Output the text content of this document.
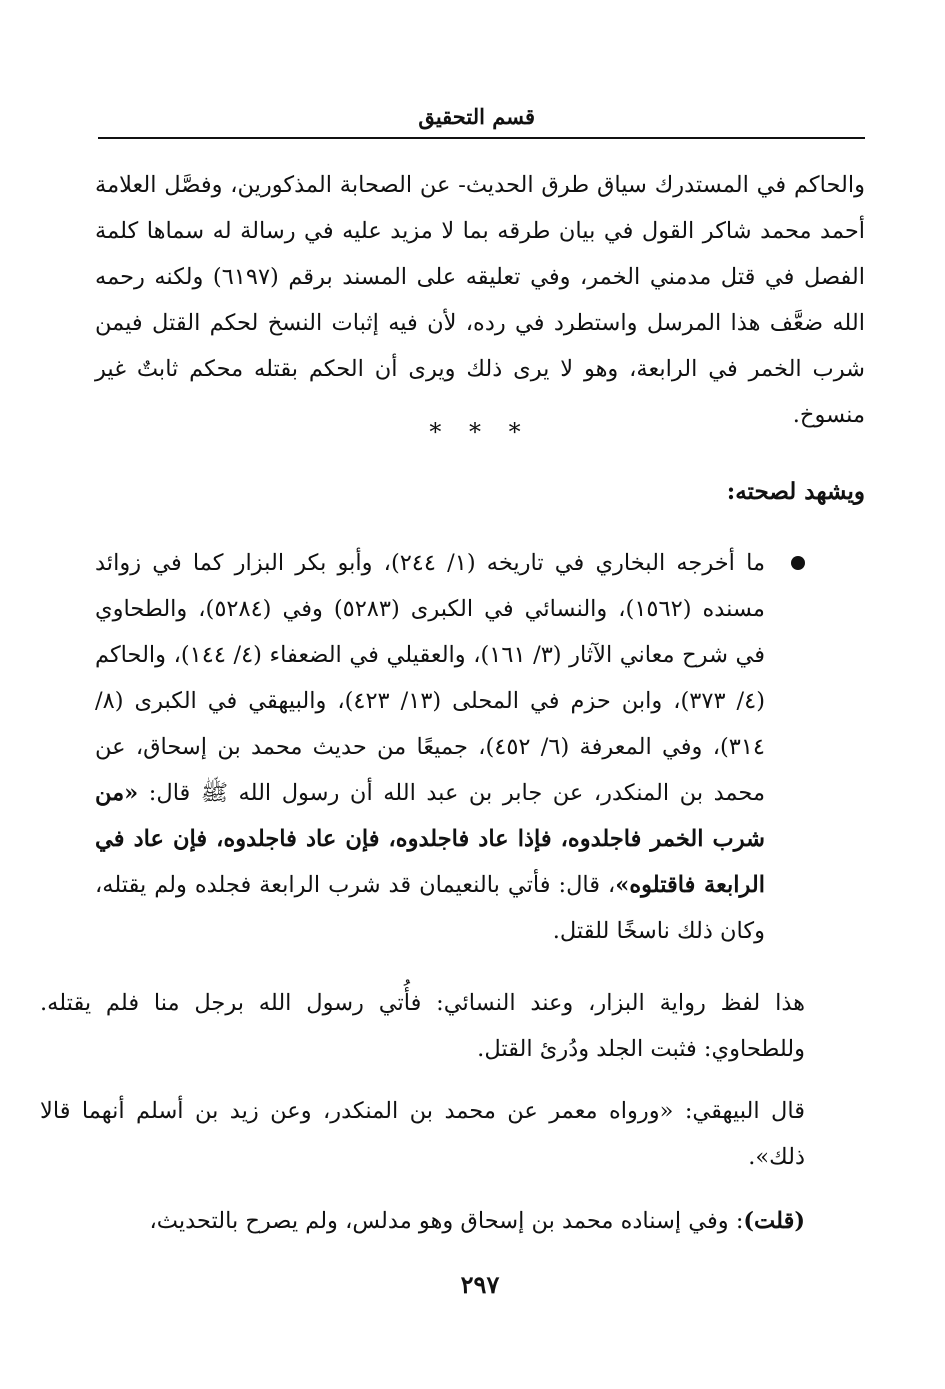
قسم التحقيق

والحاكم في المستدرك سياق طرق الحديث- عن الصحابة المذكورين، وفصَّل العلامة أحمد محمد شاكر القول في بيان طرقه بما لا مزيد عليه في رسالة له سماها كلمة الفصل في قتل مدمني الخمر، وفي تعليقه على المسند برقم (٦١٩٧) ولكنه رحمه الله ضعَّف هذا المرسل واستطرد في رده، لأن فيه إثبات النسخ لحكم القتل فيمن شرب الخمر في الرابعة، وهو لا يرى ذلك ويرى أن الحكم بقتله محكم ثابتٌ غير منسوخ.

* * *
ويشهد لصحته:

ما أخرجه البخاري في تاريخه (١/ ٢٤٤)، وأبو بكر البزار كما في زوائد مسنده (١٥٦٢)، والنسائي في الكبرى (٥٢٨٣) وفي (٥٢٨٤)، والطحاوي في شرح معاني الآثار (٣/ ١٦١)، والعقيلي في الضعفاء (٤/ ١٤٤)، والحاكم (٤/ ٣٧٣)، وابن حزم في المحلى (١٣/ ٤٢٣)، والبيهقي في الكبرى (٨/ ٣١٤)، وفي المعرفة (٦/ ٤٥٢)، جميعًا من حديث محمد بن إسحاق، عن محمد بن المنكدر، عن جابر بن عبد الله أن رسول الله ﷺ قال: «من شرب الخمر فاجلدوه، فإذا عاد فاجلدوه، فإن عاد فاجلدوه، فإن عاد في الرابعة فاقتلوه»، قال: فأتي بالنعيمان قد شرب الرابعة فجلده ولم يقتله، وكان ذلك ناسخًا للقتل.

هذا لفظ رواية البزار، وعند النسائي: فأُتي رسول الله برجل منا فلم يقتله. وللطحاوي: فثبت الجلد ودُرئ القتل.

قال البيهقي: «ورواه معمر عن محمد بن المنكدر، وعن زيد بن أسلم أنهما قالا ذلك».

(قلت): وفي إسناده محمد بن إسحاق وهو مدلس، ولم يصرح بالتحديث،

٢٩٧
